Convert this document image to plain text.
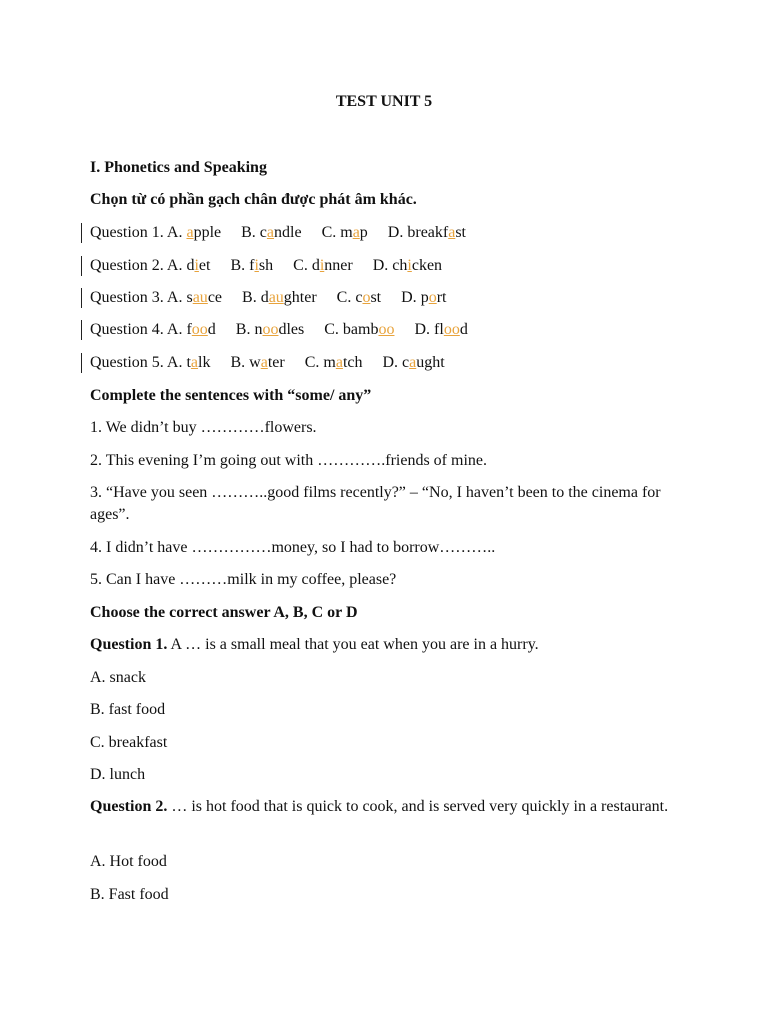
TEST UNIT 5
I. Phonetics and Speaking
Chọn từ có phần gạch chân được phát âm khác.
Question 1. A. apple B. candle C. map D. breakfast
Question 2. A. diet B. fish C. dinner D. chicken
Question 3. A. sauce B. daughter C. cost D. port
Question 4. A. food B. noodles C. bamboo D. flood
Question 5. A. talk B. water C. match D. caught
Complete the sentences with “some/ any”
1. We didn’t buy …………flowers.
2. This evening I’m going out with ………….friends of mine.
3. “Have you seen ………..good films recently?” – “No, I haven’t been to the cinema for ages”.
4. I didn’t have ……………money, so I had to borrow………..
5. Can I have ………milk in my coffee, please?
Choose the correct answer A, B, C or D
Question 1. A … is a small meal that you eat when you are in a hurry.
A. snack
B. fast food
C. breakfast
D. lunch
Question 2. … is hot food that is quick to cook, and is served very quickly in a restaurant.
A. Hot food
B. Fast food
